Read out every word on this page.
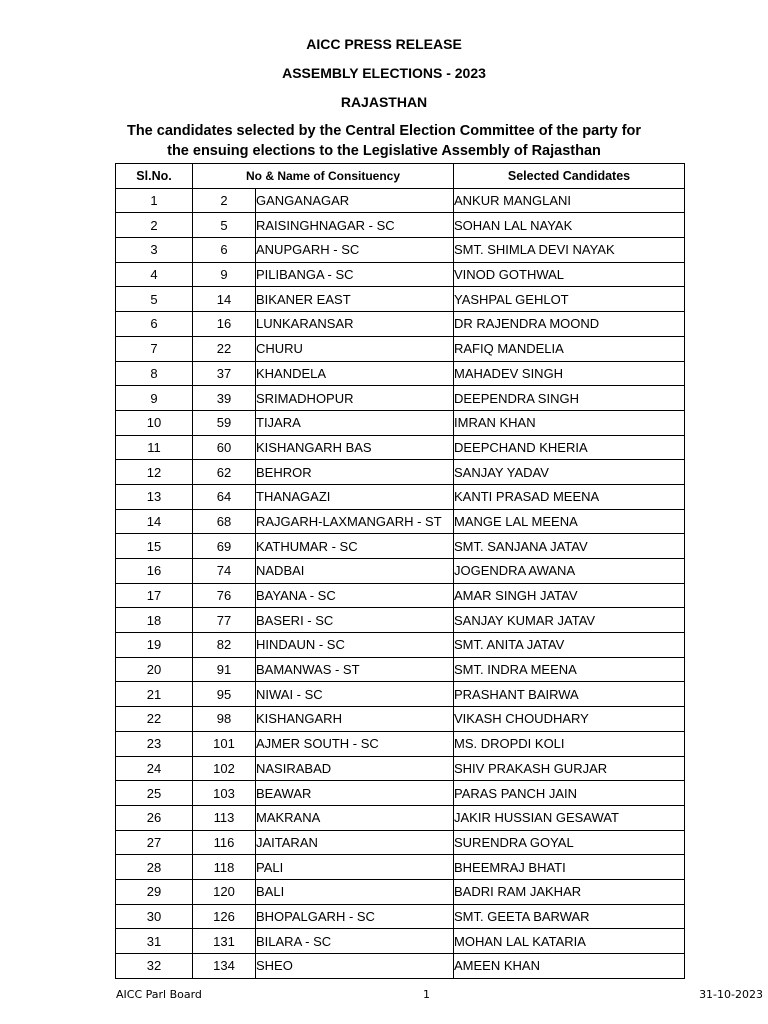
AICC PRESS RELEASE
ASSEMBLY ELECTIONS - 2023
RAJASTHAN
The candidates selected by the Central Election Committee of the party for
the ensuing elections to the Legislative Assembly of Rajasthan
Sl.No.	No & Name of Consituency		Selected Candidates
1	2	GANGANAGAR	ANKUR MANGLANI
2	5	RAISINGHNAGAR - SC	SOHAN LAL NAYAK
3	6	ANUPGARH - SC	SMT. SHIMLA DEVI NAYAK
4	9	PILIBANGA - SC	VINOD GOTHWAL
5	14	BIKANER EAST	YASHPAL GEHLOT
6	16	LUNKARANSAR	DR RAJENDRA MOOND
7	22	CHURU	RAFIQ MANDELIA
8	37	KHANDELA	MAHADEV SINGH
9	39	SRIMADHOPUR	DEEPENDRA SINGH
10	59	TIJARA	IMRAN KHAN
11	60	KISHANGARH BAS	DEEPCHAND KHERIA
12	62	BEHROR	SANJAY YADAV
13	64	THANAGAZI	KANTI PRASAD MEENA
14	68	RAJGARH-LAXMANGARH - ST	MANGE LAL MEENA
15	69	KATHUMAR - SC	SMT. SANJANA JATAV
16	74	NADBAI	JOGENDRA AWANA
17	76	BAYANA - SC	AMAR SINGH JATAV
18	77	BASERI - SC	SANJAY KUMAR JATAV
19	82	HINDAUN - SC	SMT. ANITA JATAV
20	91	BAMANWAS - ST	SMT. INDRA MEENA
21	95	NIWAI - SC	PRASHANT BAIRWA
22	98	KISHANGARH	VIKASH CHOUDHARY
23	101	AJMER SOUTH - SC	MS. DROPDI KOLI
24	102	NASIRABAD	SHIV PRAKASH GURJAR
25	103	BEAWAR	PARAS PANCH JAIN
26	113	MAKRANA	JAKIR HUSSIAN GESAWAT
27	116	JAITARAN	SURENDRA GOYAL
28	118	PALI	BHEEMRAJ BHATI
29	120	BALI	BADRI RAM JAKHAR
30	126	BHOPALGARH - SC	SMT. GEETA BARWAR
31	131	BILARA - SC	MOHAN LAL KATARIA
32	134	SHEO	AMEEN KHAN
AICC Parl Board	1	31-10-2023
